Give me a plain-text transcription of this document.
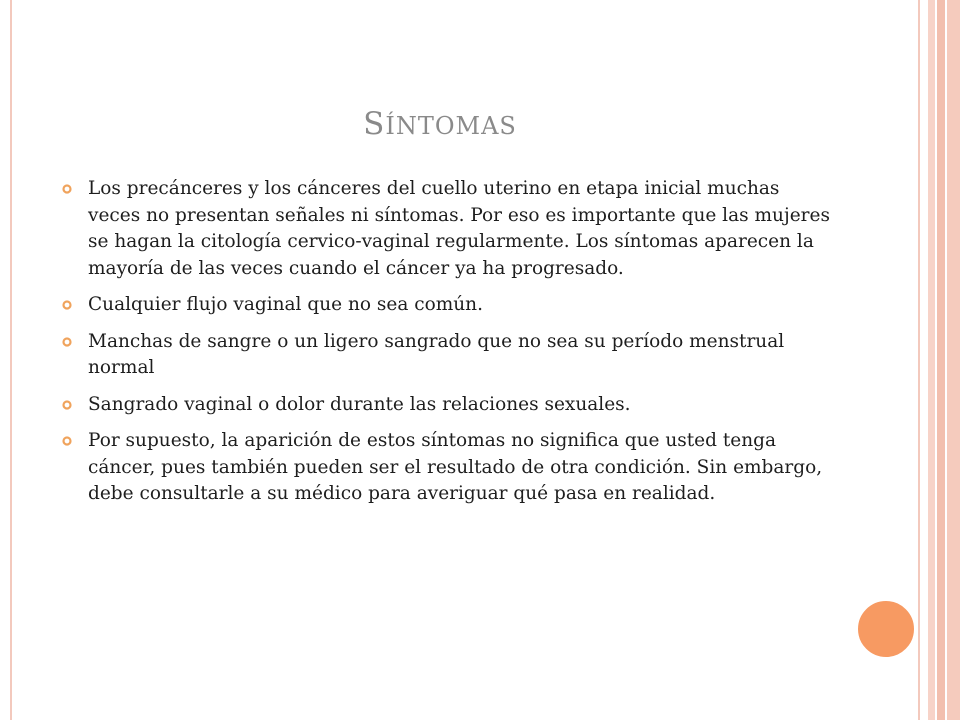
SÍNTOMAS
Los precánceres y los cánceres del cuello uterino en etapa inicial muchas veces no presentan señales ni síntomas. Por eso es importante que las mujeres se hagan la citología cervico-vaginal regularmente. Los síntomas aparecen la mayoría de las veces cuando el cáncer ya ha progresado.
Cualquier flujo vaginal que no sea común.
Manchas de sangre o un ligero sangrado que no sea su período menstrual normal
Sangrado vaginal o dolor durante las relaciones sexuales.
Por supuesto, la aparición de estos síntomas no significa que usted tenga cáncer, pues también pueden ser el resultado de otra condición. Sin embargo, debe consultarle a su médico para averiguar qué pasa en realidad.
